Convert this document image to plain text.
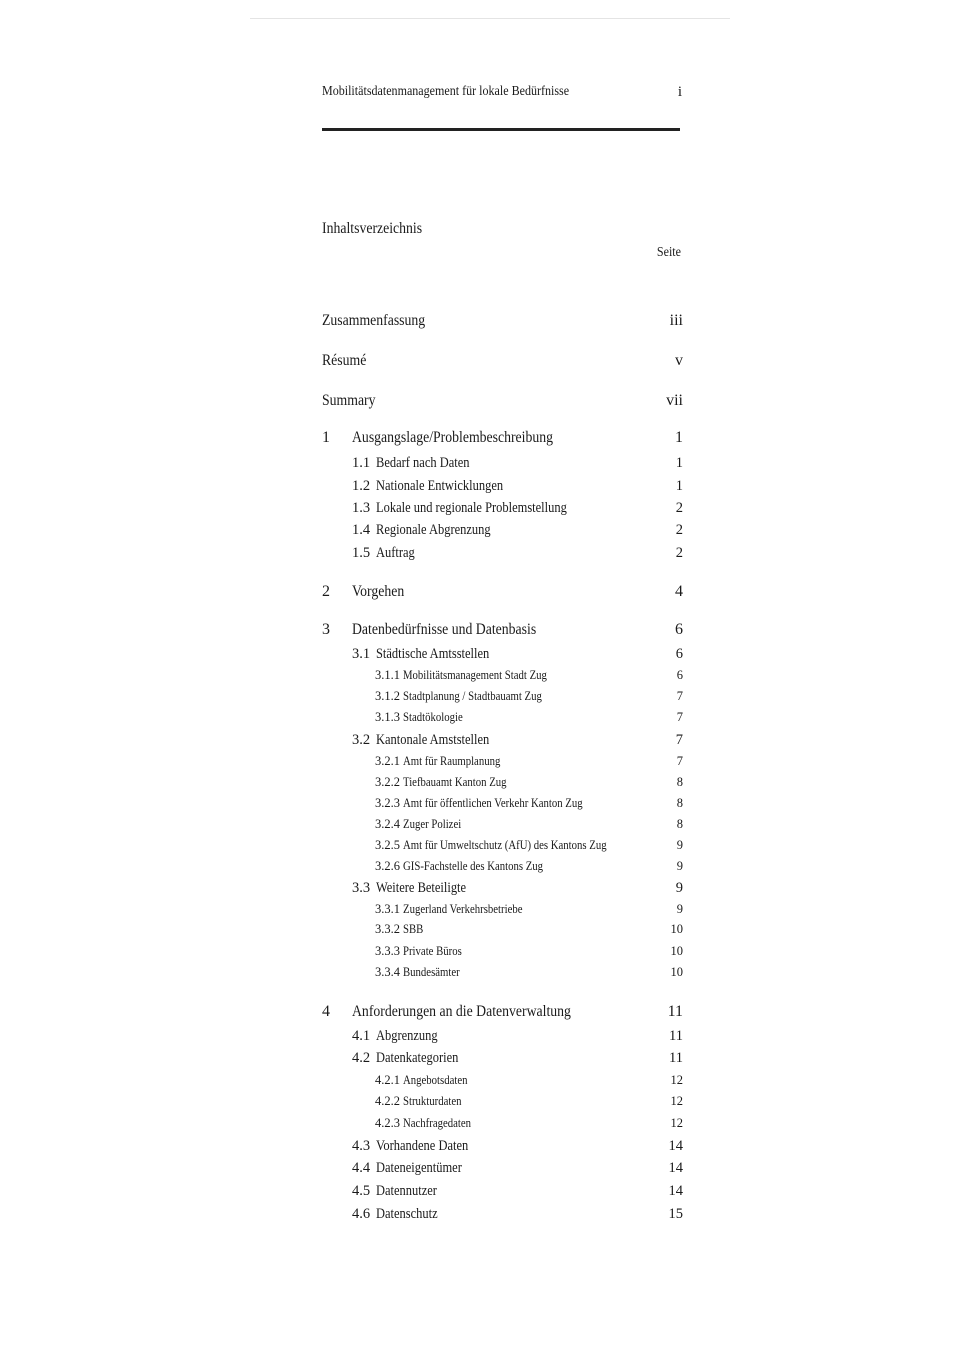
Mobilitätsdatenmanagement für lokale Bedürfnisse	i
Inhaltsverzeichnis
Seite
Zusammenfassung	iii
Résumé	v
Summary	vii
1 Ausgangslage/Problembeschreibung	1
1.1 Bedarf nach Daten	1
1.2 Nationale Entwicklungen	1
1.3 Lokale und regionale Problemstellung	2
1.4 Regionale Abgrenzung	2
1.5 Auftrag	2
2 Vorgehen	4
3 Datenbedürfnisse und Datenbasis	6
3.1 Städtische Amtsstellen	6
3.1.1 Mobilitätsmanagement Stadt Zug	6
3.1.2 Stadtplanung / Stadtbauamt Zug	7
3.1.3 Stadtökologie	7
3.2 Kantonale Amststellen	7
3.2.1 Amt für Raumplanung	7
3.2.2 Tiefbauamt Kanton Zug	8
3.2.3 Amt für öffentlichen Verkehr Kanton Zug	8
3.2.4 Zuger Polizei	8
3.2.5 Amt für Umweltschutz (AfU) des Kantons Zug	9
3.2.6 GIS-Fachstelle des Kantons Zug	9
3.3 Weitere Beteiligte	9
3.3.1 Zugerland Verkehrsbetriebe	9
3.3.2 SBB	10
3.3.3 Private Büros	10
3.3.4 Bundesämter	10
4 Anforderungen an die Datenverwaltung	11
4.1 Abgrenzung	11
4.2 Datenkategorien	11
4.2.1 Angebotsdaten	12
4.2.2 Strukturdaten	12
4.2.3 Nachfragedaten	12
4.3 Vorhandene Daten	14
4.4 Dateneigentümer	14
4.5 Datennutzer	14
4.6 Datenschutz	15
